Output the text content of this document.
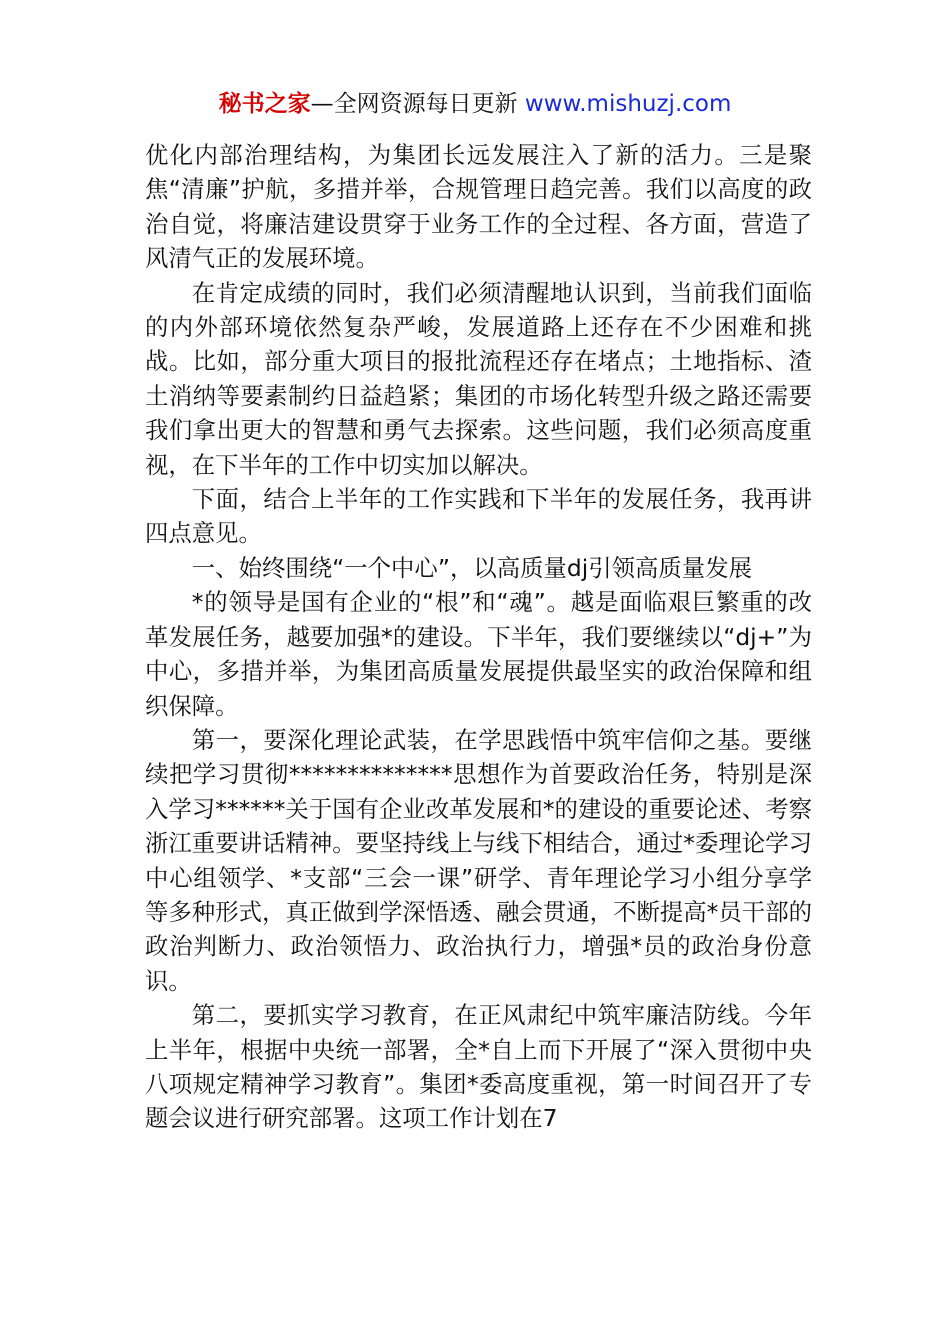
秘书之家—全网资源每日更新 www.mishuzj.com

优化内部治理结构，为集团长远发展注入了新的活力。三是聚焦“清廉”护航，多措并举，合规管理日趋完善。我们以高度的政治自觉，将廉洁建设贯穿于业务工作的全过程、各方面，营造了风清气正的发展环境。

在肯定成绩的同时，我们必须清醒地认识到，当前我们面临的内外部环境依然复杂严峻，发展道路上还存在不少困难和挑战。比如，部分重大项目的报批流程还存在堵点；土地指标、渣土消纳等要素制约日益趋紧；集团的市场化转型升级之路还需要我们拿出更大的智慧和勇气去探索。这些问题，我们必须高度重视，在下半年的工作中切实加以解决。

下面，结合上半年的工作实践和下半年的发展任务，我再讲四点意见。

一、始终围绕“一个中心”，以高质量dj引领高质量发展

*的领导是国有企业的“根”和“魂”。越是面临艰巨繁重的改革发展任务，越要加强*的建设。下半年，我们要继续以“dj+”为中心，多措并举，为集团高质量发展提供最坚实的政治保障和组织保障。

第一，要深化理论武装，在学思践悟中筑牢信仰之基。要继续把学习贯彻**************思想作为首要政治任务，特别是深入学习******关于国有企业改革发展和*的建设的重要论述、考察浙江重要讲话精神。要坚持线上与线下相结合，通过*委理论学习中心组领学、*支部“三会一课”研学、青年理论学习小组分享学等多种形式，真正做到学深悟透、融会贯通，不断提高*员干部的政治判断力、政治领悟力、政治执行力，增强*员的政治身份意识。

第二，要抓实学习教育，在正风肃纪中筑牢廉洁防线。今年上半年，根据中央统一部署，全*自上而下开展了“深入贯彻中央八项规定精神学习教育”。集团*委高度重视，第一时间召开了专题会议进行研究部署。这项工作计划在7
